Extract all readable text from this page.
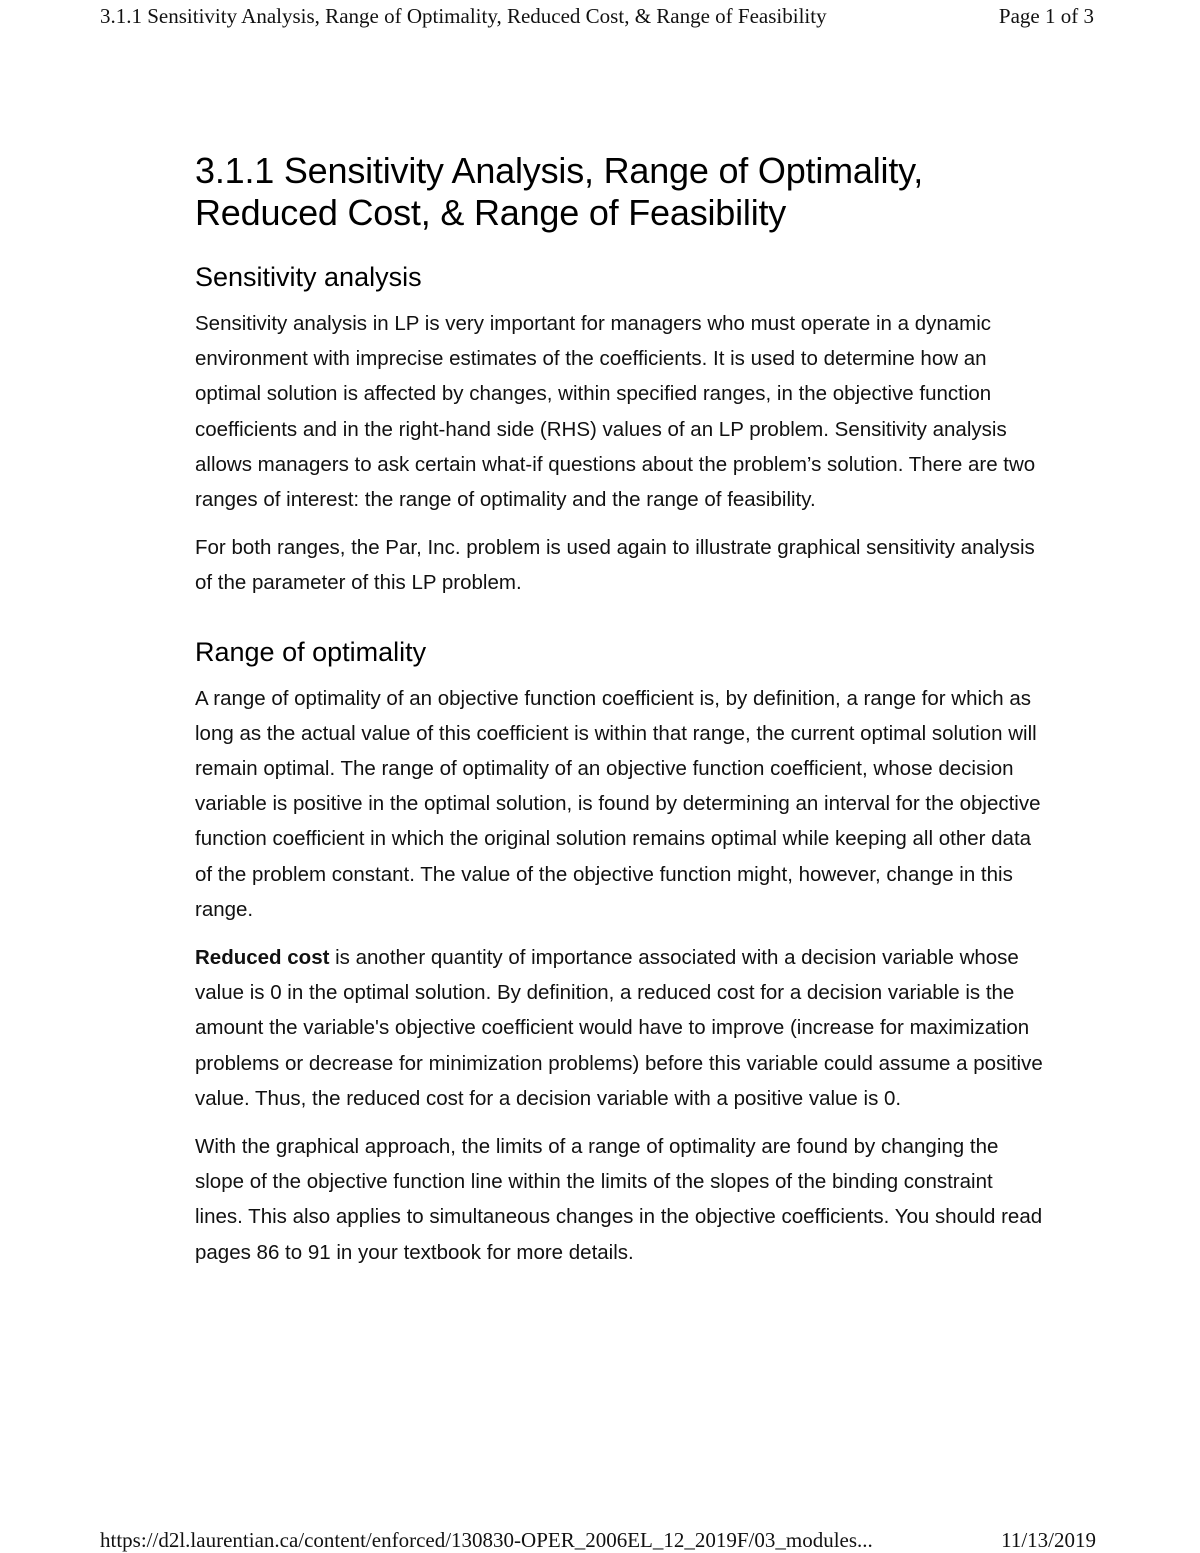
3.1.1 Sensitivity Analysis, Range of Optimality, Reduced Cost, & Range of Feasibility	Page 1 of 3
3.1.1 Sensitivity Analysis, Range of Optimality,
Reduced Cost, & Range of Feasibility
Sensitivity analysis

Sensitivity analysis in LP is very important for managers who must operate in a dynamic environment with imprecise estimates of the coefficients. It is used to determine how an optimal solution is affected by changes, within specified ranges, in the objective function coefficients and in the right-hand side (RHS) values of an LP problem. Sensitivity analysis allows managers to ask certain what-if questions about the problem’s solution. There are two ranges of interest: the range of optimality and the range of feasibility.

For both ranges, the Par, Inc. problem is used again to illustrate graphical sensitivity analysis of the parameter of this LP problem.

Range of optimality

A range of optimality of an objective function coefficient is, by definition, a range for which as long as the actual value of this coefficient is within that range, the current optimal solution will remain optimal. The range of optimality of an objective function coefficient, whose decision variable is positive in the optimal solution, is found by determining an interval for the objective function coefficient in which the original solution remains optimal while keeping all other data of the problem constant. The value of the objective function might, however, change in this range.

Reduced cost is another quantity of importance associated with a decision variable whose value is 0 in the optimal solution. By definition, a reduced cost for a decision variable is the amount the variable's objective coefficient would have to improve (increase for maximization problems or decrease for minimization problems) before this variable could assume a positive value. Thus, the reduced cost for a decision variable with a positive value is 0.

With the graphical approach, the limits of a range of optimality are found by changing the slope of the objective function line within the limits of the slopes of the binding constraint lines. This also applies to simultaneous changes in the objective coefficients. You should read pages 86 to 91 in your textbook for more details.

https://d2l.laurentian.ca/content/enforced/130830-OPER_2006EL_12_2019F/03_modules...	11/13/2019
